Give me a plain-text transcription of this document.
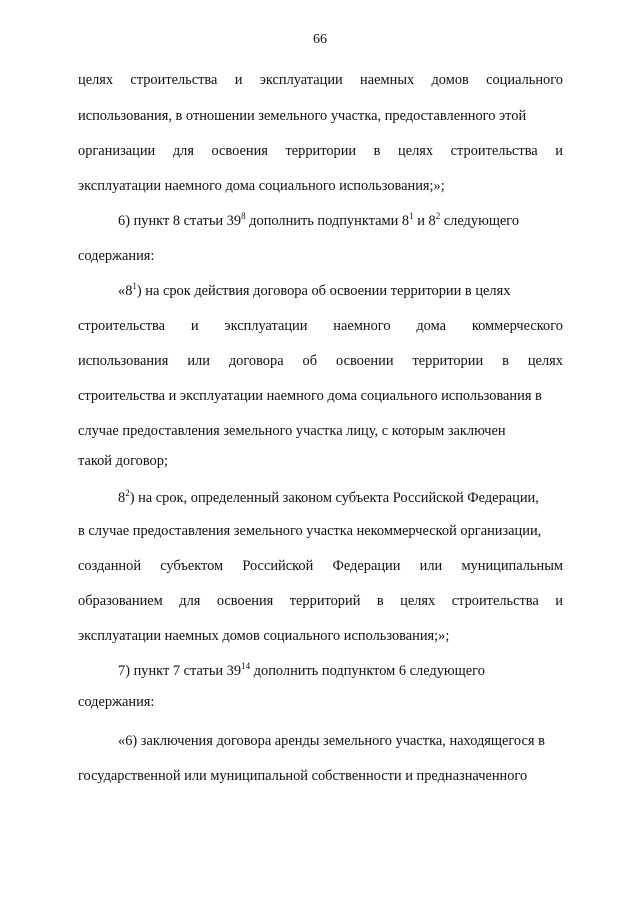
66
целях строительства и эксплуатации наемных домов социального
использования, в отношении земельного участка, предоставленного этой
организации для освоения территории в целях строительства и
эксплуатации наемного дома социального использования;»;
6) пункт 8 статьи $39^8$ дополнить подпунктами $8^1$ и $8^2$ следующего
содержания:
«$8^1$) на срок действия договора об освоении территории в целях
строительства и эксплуатации наемного дома коммерческого
использования или договора об освоении территории в целях
строительства и эксплуатации наемного дома социального использования в
случае предоставления земельного участка лицу, с которым заключен
такой договор;
$8^2$) на срок, определенный законом субъекта Российской Федерации,
в случае предоставления земельного участка некоммерческой организации,
созданной субъектом Российской Федерации или муниципальным
образованием для освоения территорий в целях строительства и
эксплуатации наемных домов социального использования;»;
7) пункт 7 статьи $39^{14}$ дополнить подпунктом 6 следующего
содержания:
«6) заключения договора аренды земельного участка, находящегося в
государственной или муниципальной собственности и предназначенного
